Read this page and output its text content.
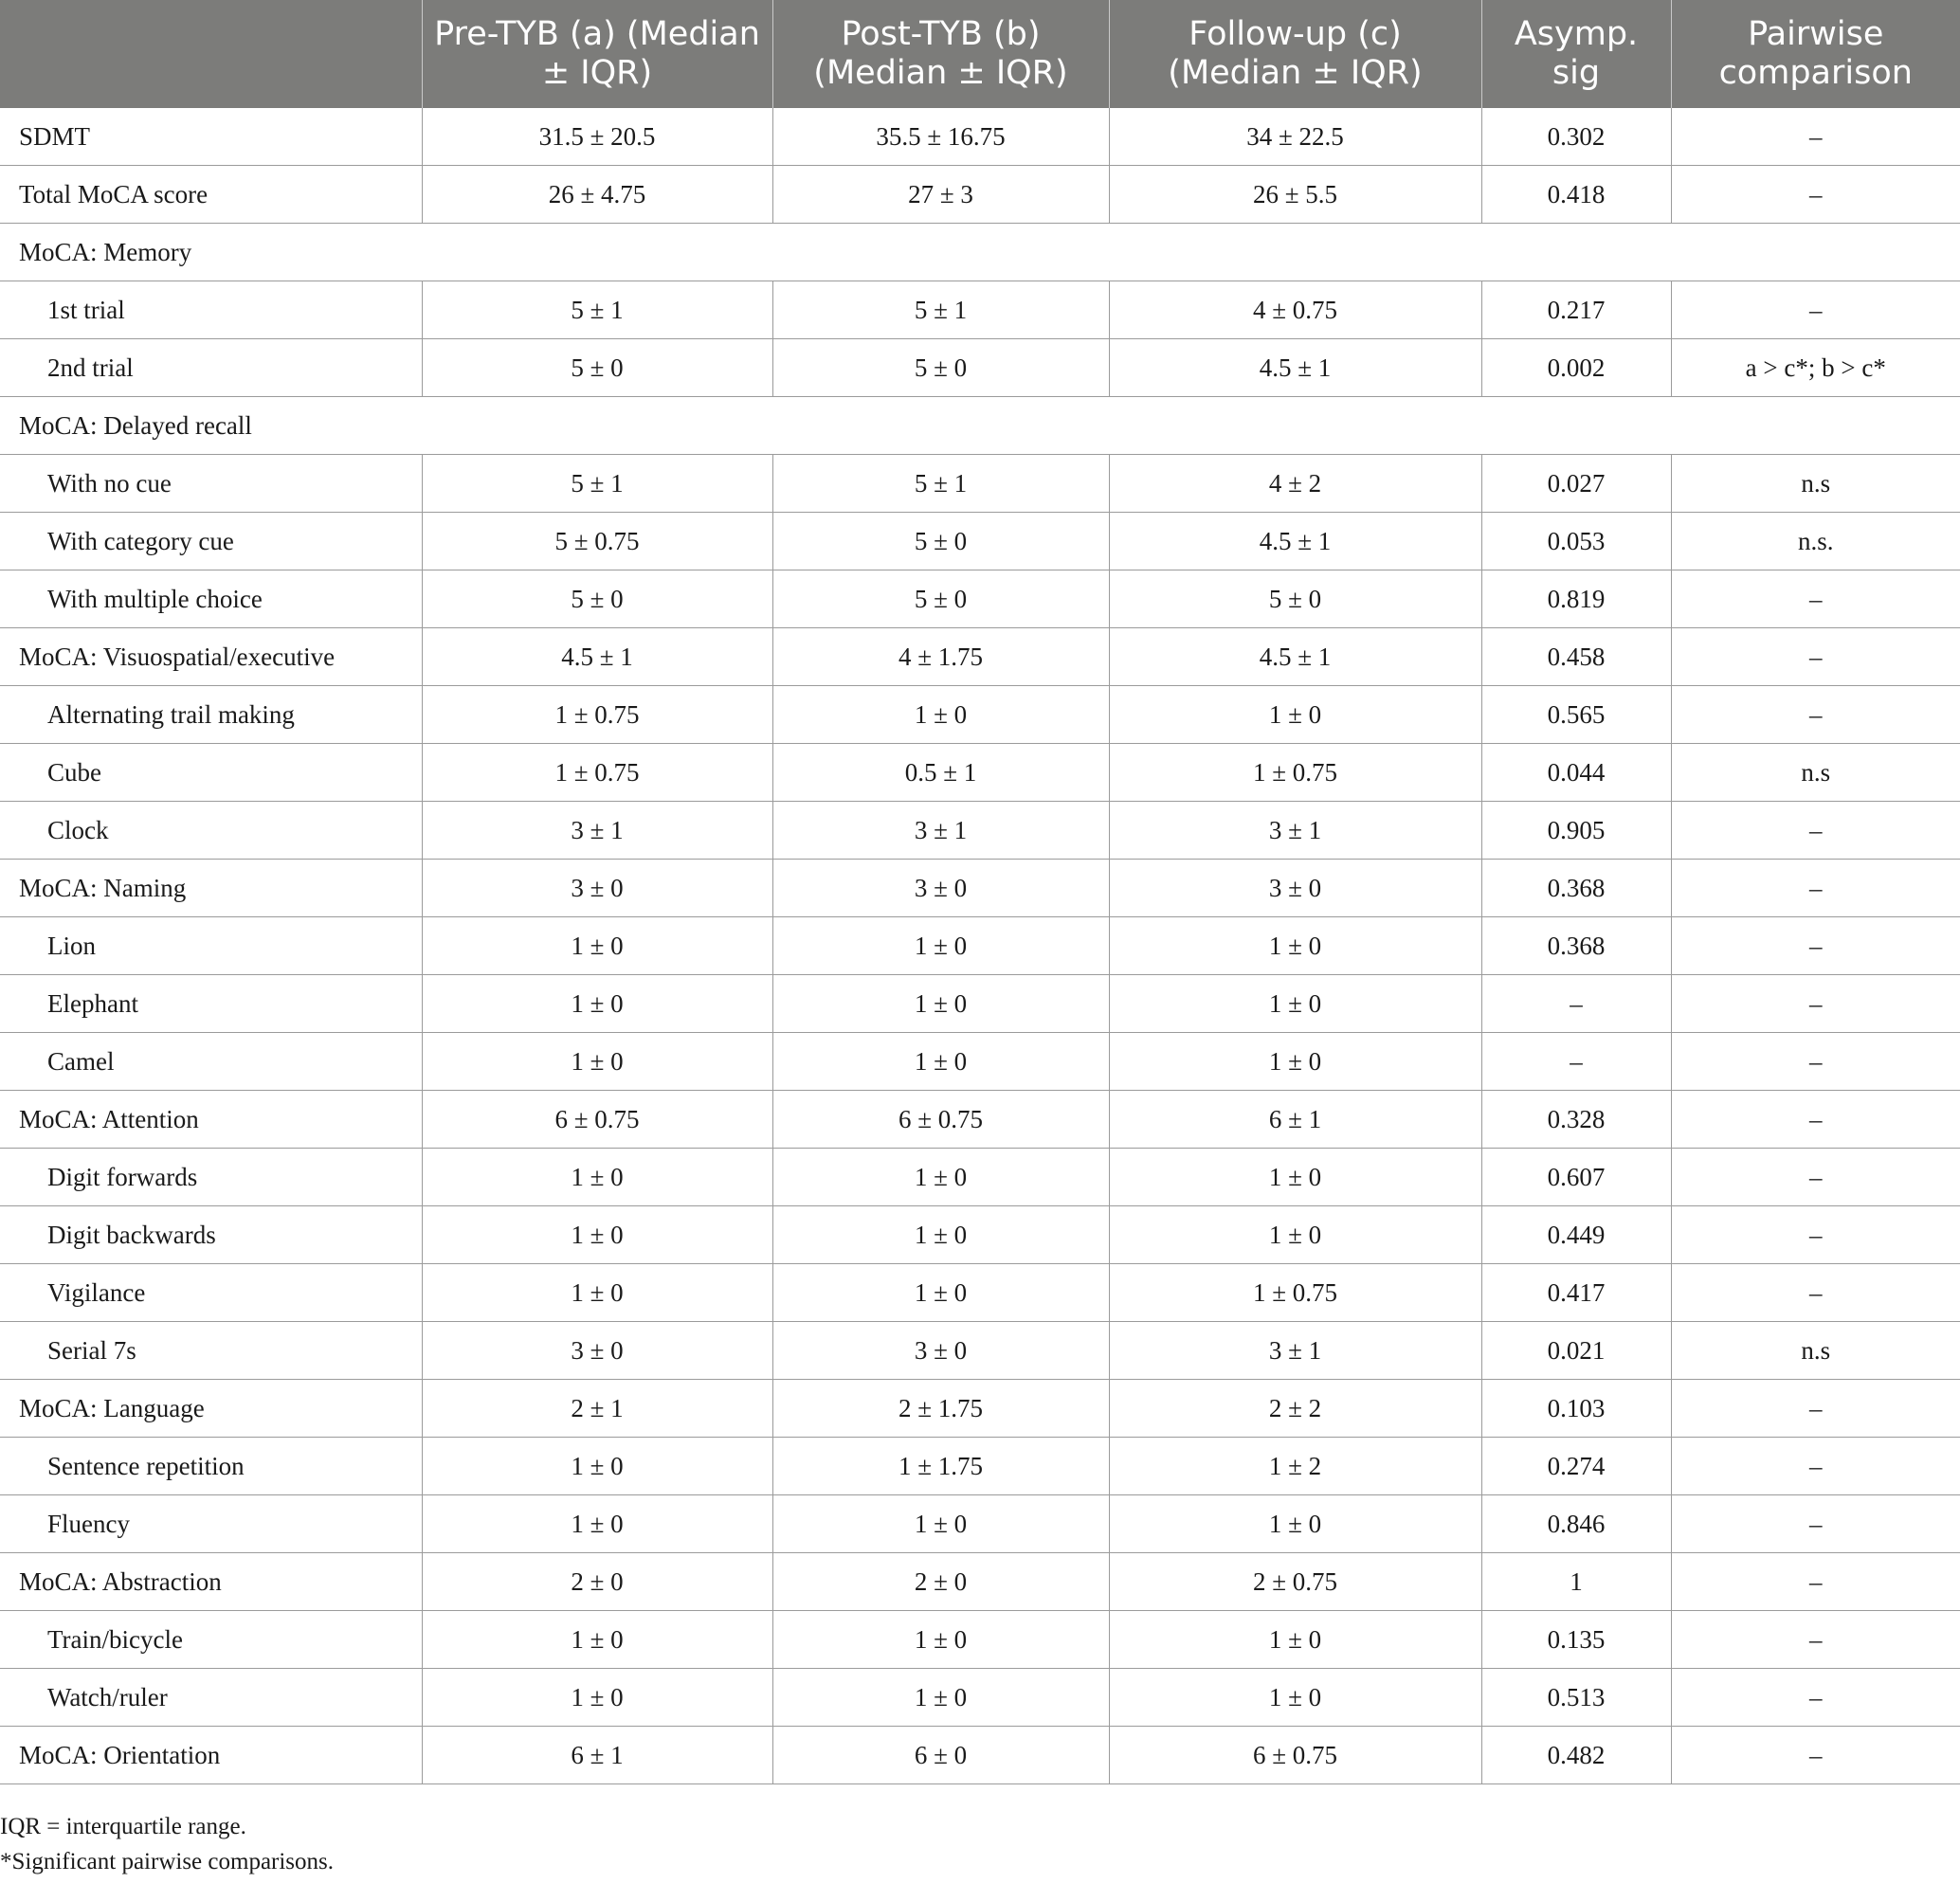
	Pre-TYB (a) (Median ± IQR)	Post-TYB (b) (Median ± IQR)	Follow-up (c) (Median ± IQR)	Asymp. sig	Pairwise comparison
SDMT	31.5 ± 20.5	35.5 ± 16.75	34 ± 22.5	0.302	–
Total MoCA score	26 ± 4.75	27 ± 3	26 ± 5.5	0.418	–
MoCA: Memory					
1st trial	5 ± 1	5 ± 1	4 ± 0.75	0.217	–
2nd trial	5 ± 0	5 ± 0	4.5 ± 1	0.002	a > c*; b > c*
MoCA: Delayed recall					
With no cue	5 ± 1	5 ± 1	4 ± 2	0.027	n.s
With category cue	5 ± 0.75	5 ± 0	4.5 ± 1	0.053	n.s.
With multiple choice	5 ± 0	5 ± 0	5 ± 0	0.819	–
MoCA: Visuospatial/executive	4.5 ± 1	4 ± 1.75	4.5 ± 1	0.458	–
Alternating trail making	1 ± 0.75	1 ± 0	1 ± 0	0.565	–
Cube	1 ± 0.75	0.5 ± 1	1 ± 0.75	0.044	n.s
Clock	3 ± 1	3 ± 1	3 ± 1	0.905	–
MoCA: Naming	3 ± 0	3 ± 0	3 ± 0	0.368	–
Lion	1 ± 0	1 ± 0	1 ± 0	0.368	–
Elephant	1 ± 0	1 ± 0	1 ± 0	–	–
Camel	1 ± 0	1 ± 0	1 ± 0	–	–
MoCA: Attention	6 ± 0.75	6 ± 0.75	6 ± 1	0.328	–
Digit forwards	1 ± 0	1 ± 0	1 ± 0	0.607	–
Digit backwards	1 ± 0	1 ± 0	1 ± 0	0.449	–
Vigilance	1 ± 0	1 ± 0	1 ± 0.75	0.417	–
Serial 7s	3 ± 0	3 ± 0	3 ± 1	0.021	n.s
MoCA: Language	2 ± 1	2 ± 1.75	2 ± 2	0.103	–
Sentence repetition	1 ± 0	1 ± 1.75	1 ± 2	0.274	–
Fluency	1 ± 0	1 ± 0	1 ± 0	0.846	–
MoCA: Abstraction	2 ± 0	2 ± 0	2 ± 0.75	1	–
Train/bicycle	1 ± 0	1 ± 0	1 ± 0	0.135	–
Watch/ruler	1 ± 0	1 ± 0	1 ± 0	0.513	–
MoCA: Orientation	6 ± 1	6 ± 0	6 ± 0.75	0.482	–
IQR = interquartile range.
*Significant pairwise comparisons.
